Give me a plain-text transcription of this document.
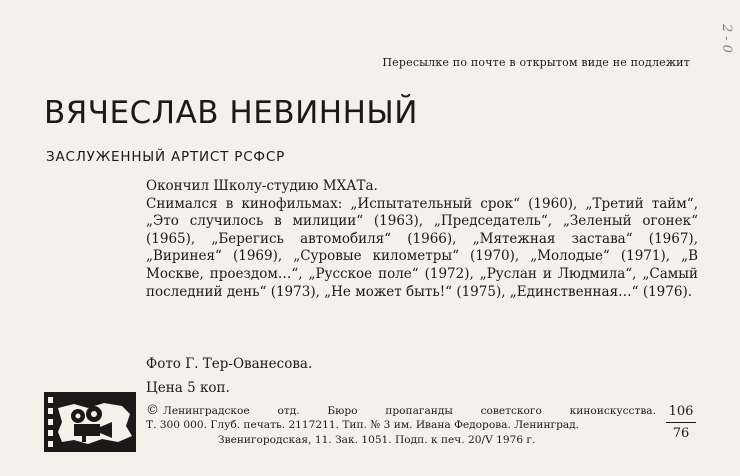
Пересылке по почте в открытом виде не подлежит
2-0
ВЯЧЕСЛАВ НЕВИННЫЙ
ЗАСЛУЖЕННЫЙ АРТИСТ РСФСР

Окончил Школу-студию МХАТа.

Снимался в кинофильмах: „Испытательный срок“ (1960), „Третий тайм“, „Это случилось в милиции“ (1963), „Председатель“, „Зеленый огонек“ (1965), „Берегись автомобиля“ (1966), „Мятежная застава“ (1967), „Виринея“ (1969), „Суровые километры“ (1970), „Молодые“ (1971), „В Москве, проездом…“, „Русское поле“ (1972), „Руслан и Людмила“, „Самый последний день“ (1973), „Не может быть!“ (1975), „Единственная…“ (1976).

Фото Г. Тер-Ованесова.
Цена 5 коп.
© Ленинградское отд. Бюро пропаганды советского киноискусства.
Т. 300 000. Глуб. печать. 2117211. Тип. № 3 им. Ивана Федорова. Ленинград.
Звенигородская, 11. Зак. 1051. Подп. к печ. 20/V 1976 г.	$\frac{106}{76}$
